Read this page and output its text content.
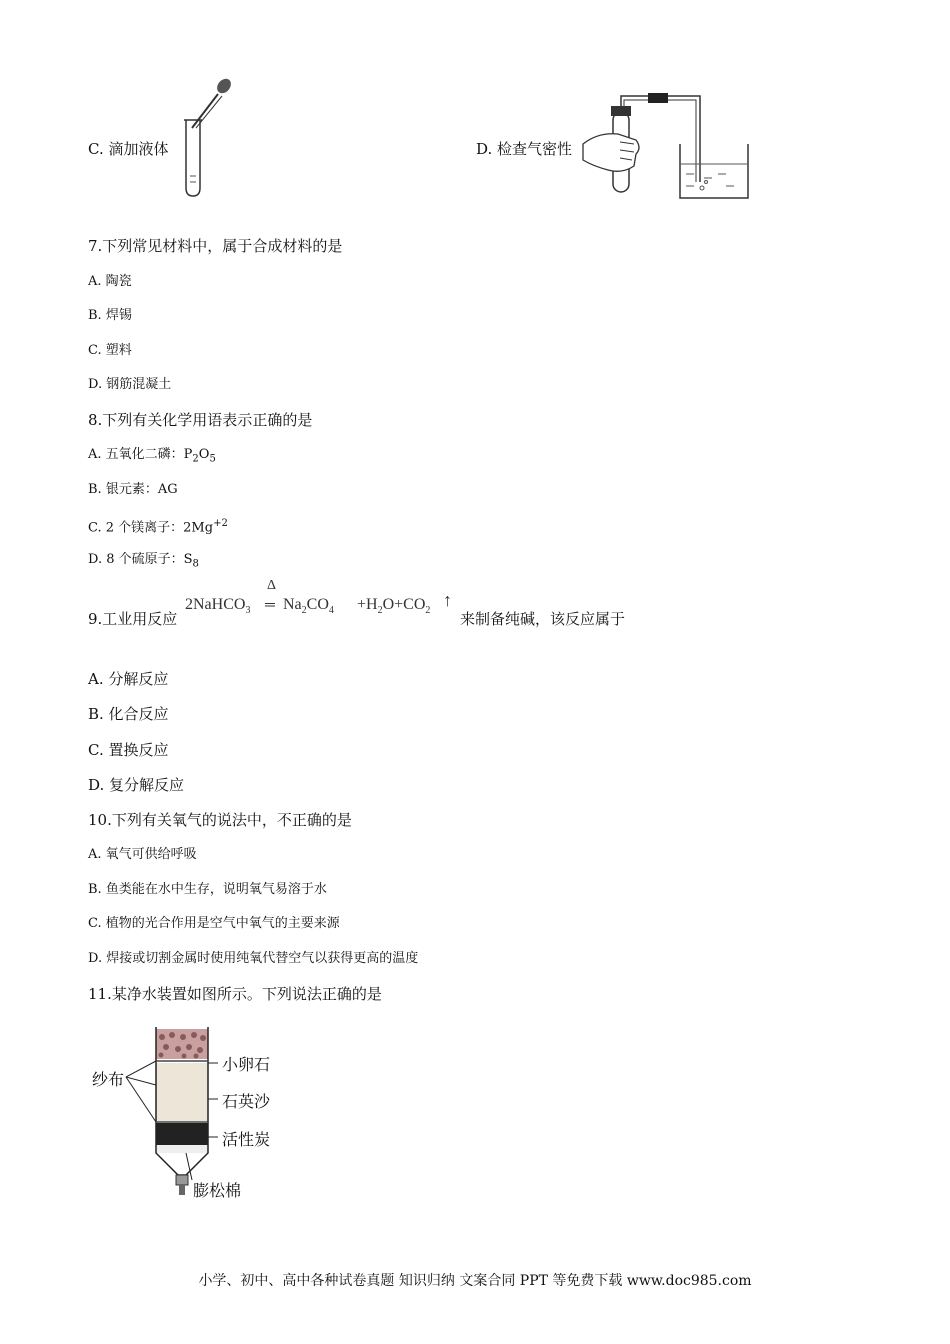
C. 滴加液体	D. 检查气密性
7.下列常见材料中，属于合成材料的是
A. 陶瓷
B. 焊锡
C. 塑料
D. 钢筋混凝土
8.下列有关化学用语表示正确的是
A. 五氧化二磷：$P_2O_5$
B. 银元素：AG
C. 2 个镁离子：$2Mg^{+2}$
D. 8 个硫原子：$S_8$
9.工业用反应
2NaHCO$_3$
Δ
═ $Na_2CO_4 +H_2O+CO_2$
↑
来制备纯碱，该反应属于
A. 分解反应
B. 化合反应
C. 置换反应
D. 复分解反应
10.下列有关氧气的说法中，不正确的是
A. 氧气可供给呼吸
B. 鱼类能在水中生存，说明氧气易溶于水
C. 植物的光合作用是空气中氧气的主要来源
D. 焊接或切割金属时使用纯氧代替空气以获得更高的温度
11.某净水装置如图所示。下列说法正确的是
纱布
小卵石
石英沙
活性炭
膨松棉
小学、初中、高中各种试卷真题 知识归纳 文案合同 PPT 等免费下载 www.doc985.com
